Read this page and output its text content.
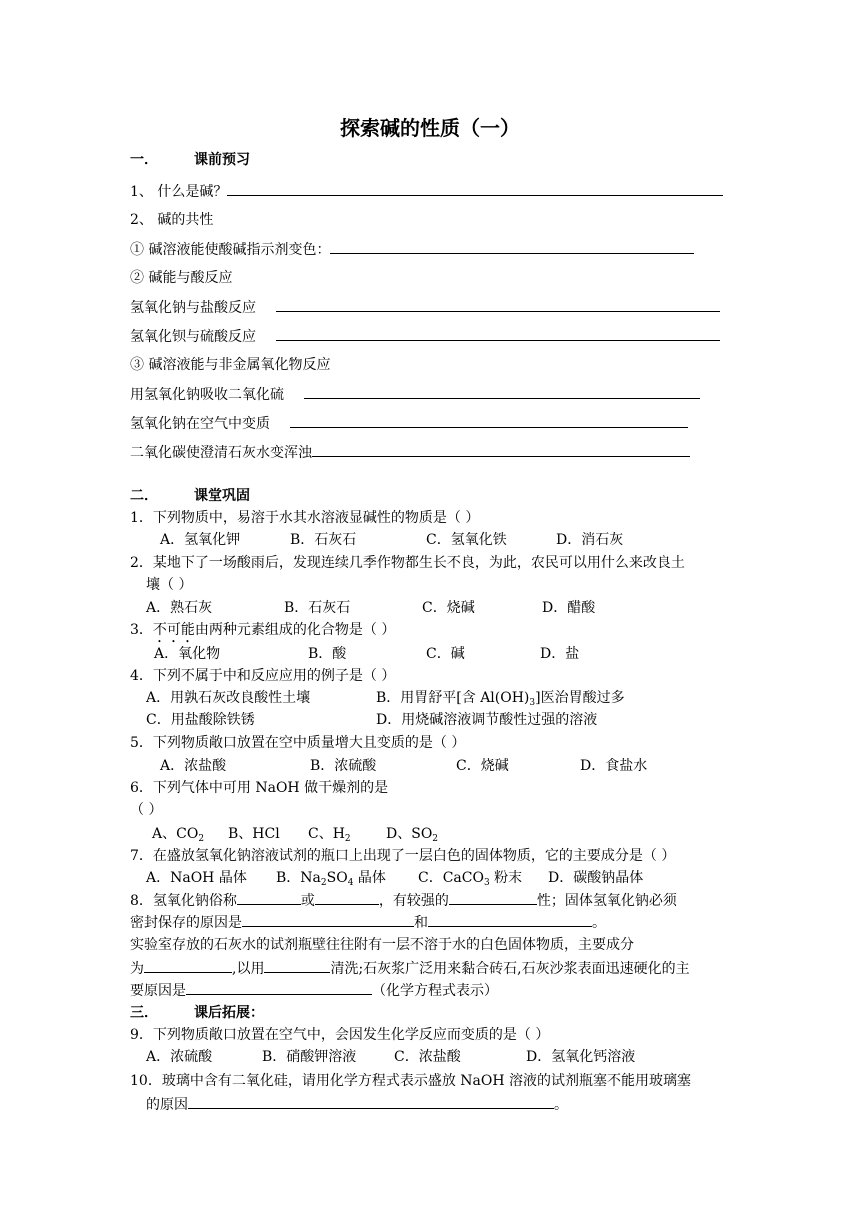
探索碱的性质（一）
一．	课前预习
1、 什么是碱？
2、 碱的共性
① 碱溶液能使酸碱指示剂变色：
② 碱能与酸反应
氢氧化钠与盐酸反应
氢氧化钡与硫酸反应
③ 碱溶液能与非金属氧化物反应
用氢氧化钠吸收二氧化硫
氢氧化钠在空气中变质
二氧化碳使澄清石灰水变浑浊
二．	课堂巩固
1．下列物质中，易溶于水其水溶液显碱性的物质是（ ）
A．氢氧化钾	B．石灰石	C．氢氧化铁	D．消石灰
2．某地下了一场酸雨后，发现连续几季作物都生长不良，为此，农民可以用什么来改良土
壤（ ）
A．熟石灰	B．石灰石	C．烧碱	D．醋酸
3．不可能由两种元素组成的化合物是（ ）
A．氧化物	B．酸	C．碱	D．盐
4．下列不属于中和反应应用的例子是（ ）
A．用孰石灰改良酸性土壤	B．用胃舒平[含 $Al(OH)_3$]医治胃酸过多
C．用盐酸除铁锈	D．用烧碱溶液调节酸性过强的溶液
5．下列物质敞口放置在空中质量增大且变质的是（ ）
A．浓盐酸	B．浓硫酸	C．烧碱	D．食盐水
6．下列气体中可用 NaOH 做干燥剂的是
（ ）
A、$CO_2$ B、HCl C、$H_2$	D、$SO_2$
7．在盛放氢氧化钠溶液试剂的瓶口上出现了一层白色的固体物质，它的主要成分是（ ）
A．NaOH 晶体 B．$Na_2SO_4$ 晶体 C．CaCO$_3$ 粉末 D．碳酸钠晶体
8．氢氧化钠俗称	或	，有较强的	性；固体氢氧化钠必须
密封保存的原因是	和	。
实验室存放的石灰水的试剂瓶壁往往附有一层不溶于水的白色固体物质，主要成分
为	,以用	清洗;石灰浆广泛用来黏合砖石,石灰沙浆表面迅速硬化的主
要原因是	（化学方程式表示）
三．	课后拓展：
9．下列物质敞口放置在空气中，会因发生化学反应而变质的是（ ）
A．浓硫酸	B．硝酸钾溶液	C．浓盐酸	D．氢氧化钙溶液
10．玻璃中含有二氧化硅，请用化学方程式表示盛放 NaOH 溶液的试剂瓶塞不能用玻璃塞
的原因	。
